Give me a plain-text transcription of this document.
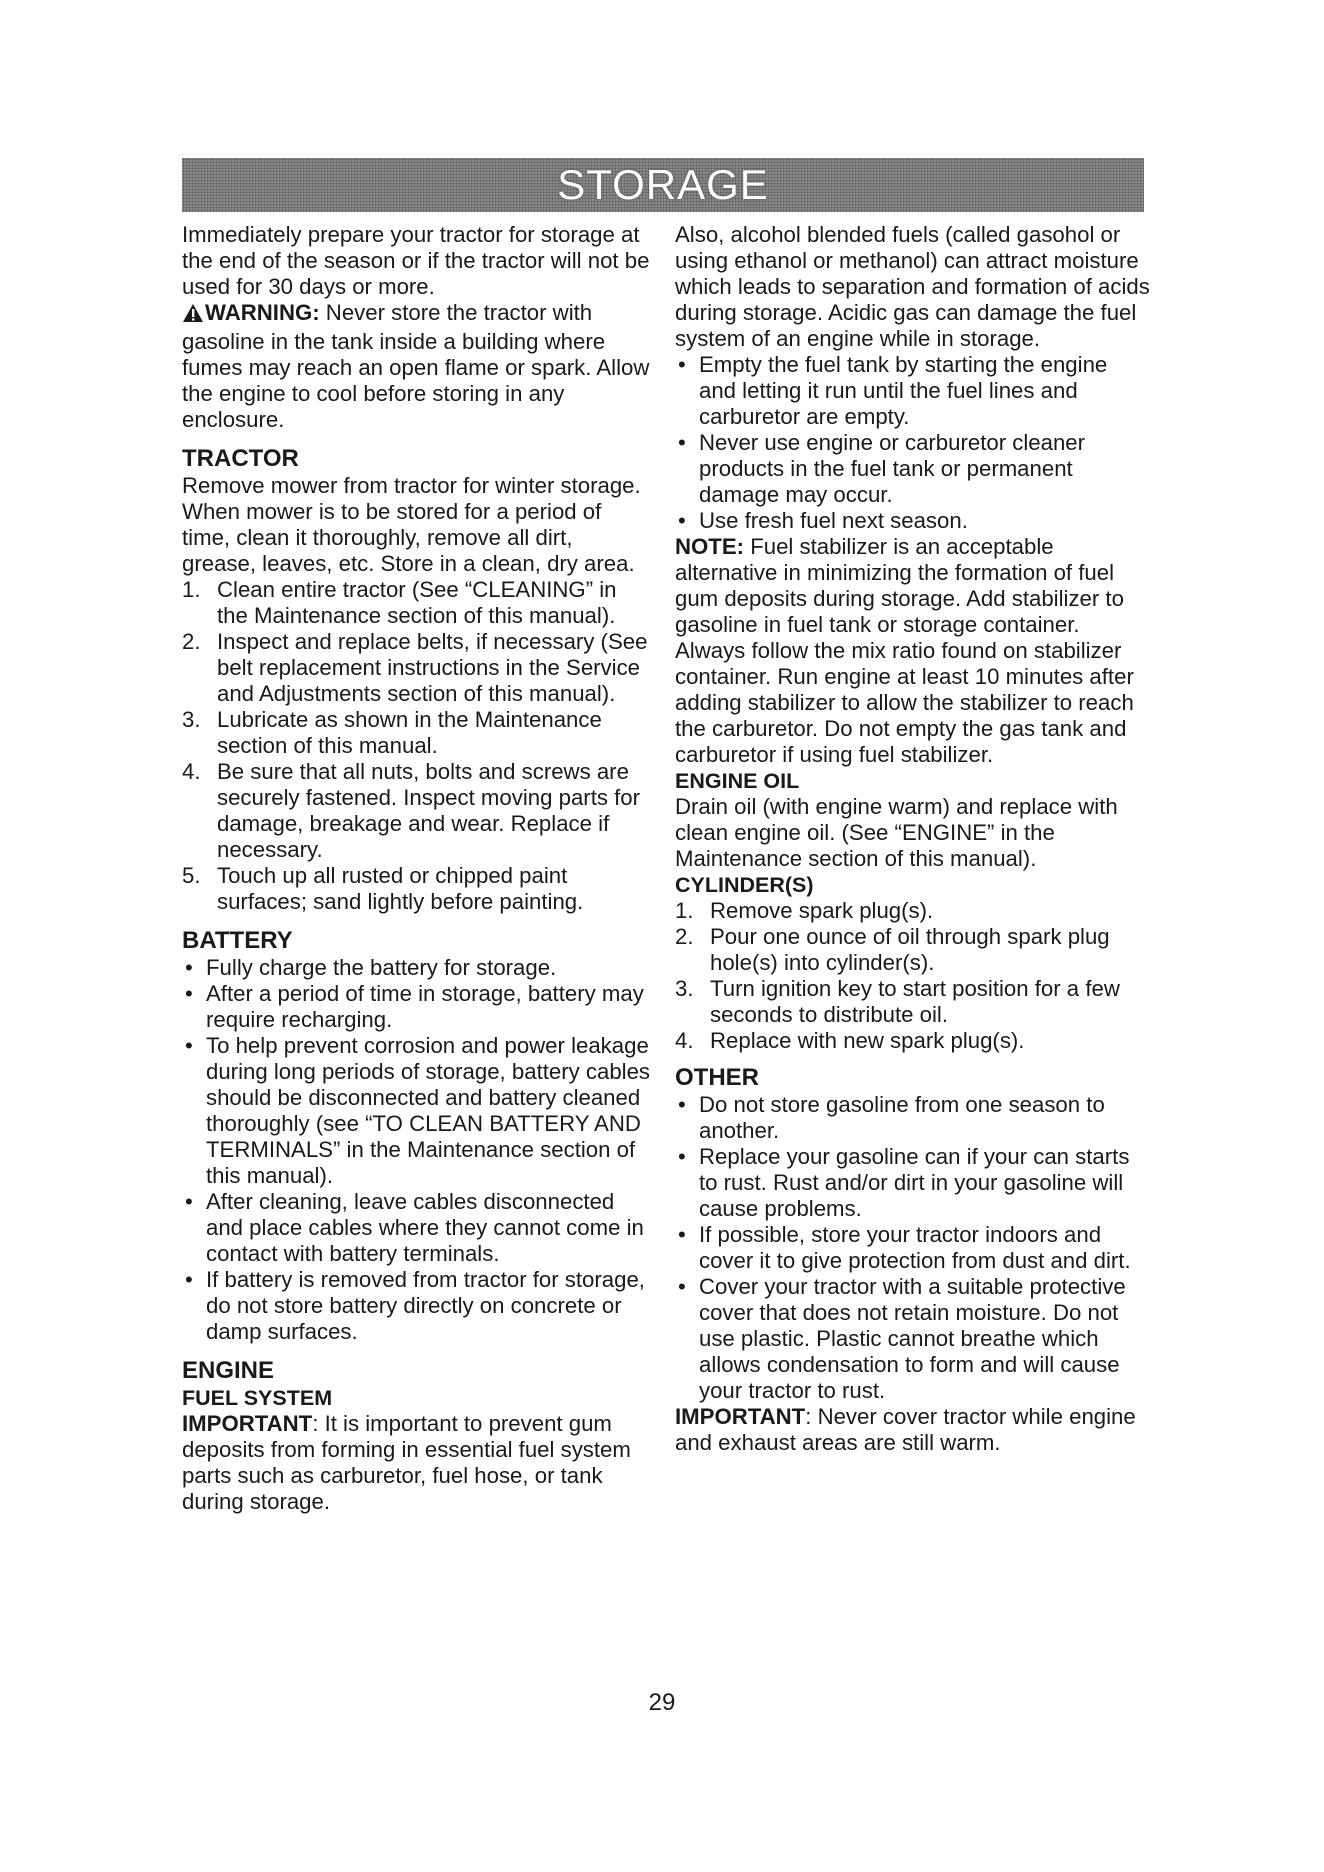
STORAGE

Immediately prepare your tractor for storage at the end of the season or if the tractor will not be used for 30 days or more.

WARNING: Never store the tractor with gasoline in the tank inside a building where fumes may reach an open flame or spark. Allow the engine to cool before storing in any enclosure.

TRACTOR

Remove mower from tractor for winter storage. When mower is to be stored for a period of time, clean it thoroughly, remove all dirt, grease, leaves, etc. Store in a clean, dry area.

1. Clean entire tractor (See “CLEANING” in the Maintenance section of this manual).
2. Inspect and replace belts, if necessary (See belt replacement instructions in the Service and Adjustments section of this manual).
3. Lubricate as shown in the Maintenance section of this manual.
4. Be sure that all nuts, bolts and screws are securely fastened. Inspect moving parts for damage, breakage and wear. Replace if necessary.
5. Touch up all rusted or chipped paint surfaces; sand lightly before painting.

BATTERY

• Fully charge the battery for storage.
• After a period of time in storage, battery may require recharging.
• To help prevent corrosion and power leakage during long periods of storage, battery cables should be disconnected and battery cleaned thoroughly (see “TO CLEAN BATTERY AND TERMINALS” in the Maintenance section of this manual).
• After cleaning, leave cables disconnected and place cables where they cannot come in contact with battery terminals.
• If battery is removed from tractor for storage, do not store battery directly on concrete or damp surfaces.

ENGINE

FUEL SYSTEM

IMPORTANT: It is important to prevent gum deposits from forming in essential fuel system parts such as carburetor, fuel hose, or tank during storage.

Also, alcohol blended fuels (called gasohol or using ethanol or methanol) can attract moisture which leads to separation and formation of acids during storage. Acidic gas can damage the fuel system of an engine while in storage.

• Empty the fuel tank by starting the engine and letting it run until the fuel lines and carburetor are empty.
• Never use engine or carburetor cleaner products in the fuel tank or permanent damage may occur.
• Use fresh fuel next season.

NOTE: Fuel stabilizer is an acceptable alternative in minimizing the formation of fuel gum deposits during storage. Add stabilizer to gasoline in fuel tank or storage container. Always follow the mix ratio found on stabilizer container. Run engine at least 10 minutes after adding stabilizer to allow the stabilizer to reach the carburetor. Do not empty the gas tank and carburetor if using fuel stabilizer.

ENGINE OIL

Drain oil (with engine warm) and replace with clean engine oil. (See “ENGINE” in the Maintenance section of this manual).

CYLINDER(S)

1. Remove spark plug(s).
2. Pour one ounce of oil through spark plug hole(s) into cylinder(s).
3. Turn ignition key to start position for a few seconds to distribute oil.
4. Replace with new spark plug(s).

OTHER

• Do not store gasoline from one season to another.
• Replace your gasoline can if your can starts to rust. Rust and/or dirt in your gasoline will cause problems.
• If possible, store your tractor indoors and cover it to give protection from dust and dirt.
• Cover your tractor with a suitable protective cover that does not retain moisture. Do not use plastic. Plastic cannot breathe which allows condensation to form and will cause your tractor to rust.

IMPORTANT: Never cover tractor while engine and exhaust areas are still warm.

29
